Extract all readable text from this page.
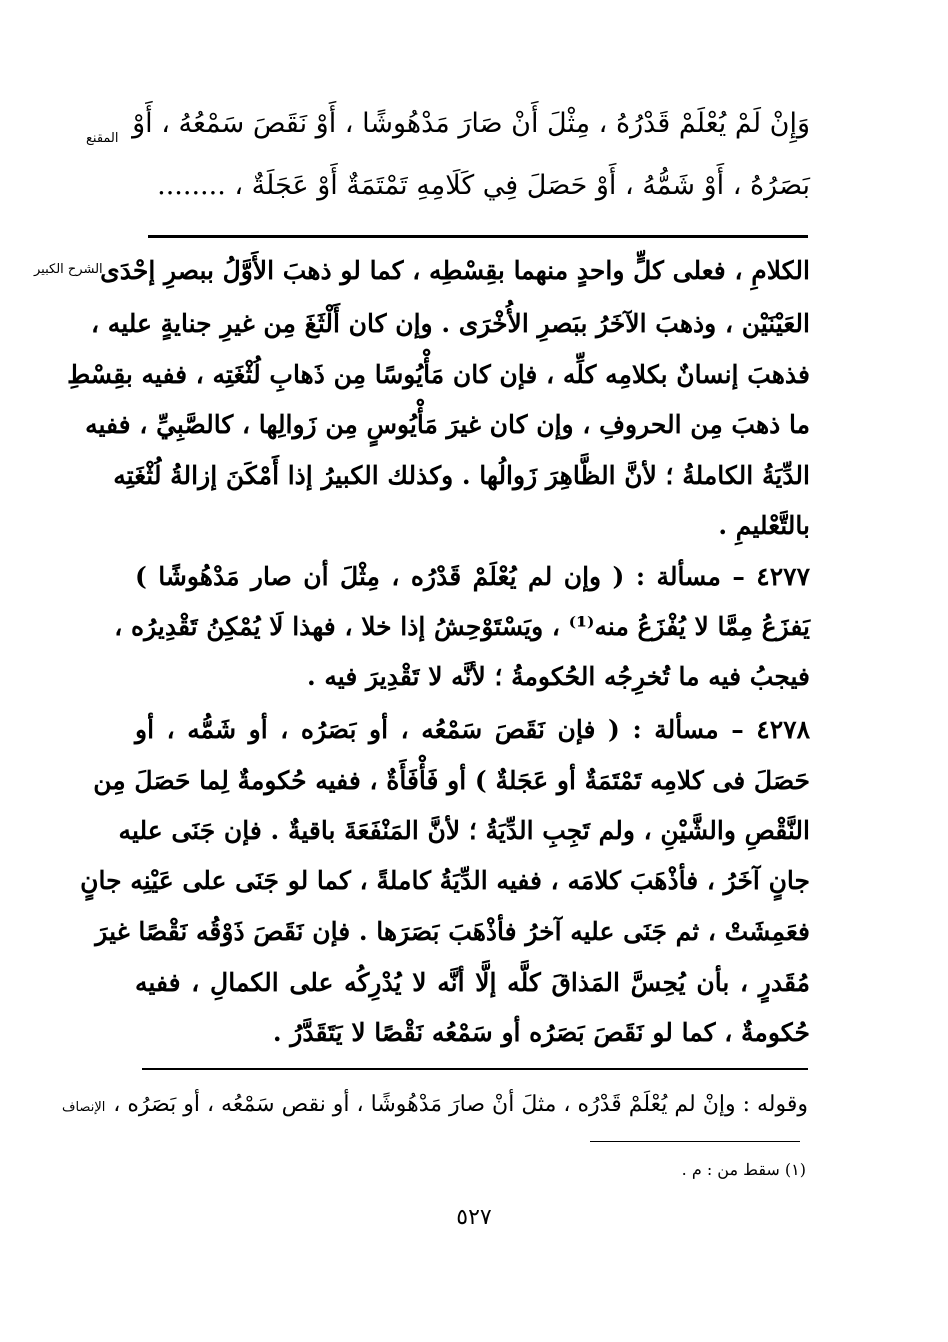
المقنع
الشرح الكبير
الإنصاف
وَإِنْ لَمْ يُعْلَمْ قَدْرُهُ ، مِثْلَ أَنْ صَارَ مَدْهُوشًا ، أَوْ نَقَصَ سَمْعُهُ ، أَوْ
بَصَرُهُ ، أَوْ شَمُّهُ ، أَوْ حَصَلَ فِي كَلَامِهِ تَمْتَمَةٌ أَوْ عَجَلَةٌ ، ........
الكلامِ ، فعلى كلٍّ واحدٍ منهما بقِسْطِه ، كما لو ذهبَ الأَوَّلُ ببصرِ إحْدَى
العَيْنَيْن ، وذهبَ الآخَرُ ببَصرِ الأُخْرَى . وإن كان أَلْثَغَ مِن غيرِ جنايةٍ عليه ،
فذهبَ إنسانٌ بكلامِه كلِّه ، فإن كان مَأْيُوسًا مِن ذَهابِ لُثْغَتِه ، ففيه بقِسْطِ
ما ذهبَ مِن الحروفِ ، وإن كان غيرَ مَأْيُوسٍ مِن زَوالِها ، كالصَّبِيِّ ، ففيه
الدِّيَةُ الكاملةُ ؛ لأنَّ الظَّاهِرَ زَوالُها . وكذلك الكبيرُ إذا أَمْكَنَ إزالةُ لُثْغَتِه
بالتَّعْليمِ .
٤٢٧٧ – مسألة : ( وإن لم يُعْلَمْ قَدْرُه ، مِثْلَ أن صار مَدْهُوشًا )
يَفزَعُ مِمَّا لا يُفْزَعُ منه⁽¹⁾ ، ويَسْتَوْحِشُ إذا خلا ، فهذا لَا يُمْكِنُ تَقْدِيرُه ،
فيجبُ فيه ما تُخرِجُه الحُكومةُ ؛ لأنَّه لا تَقْدِيرَ فيه .
٤٢٧٨ – مسألة : ( فإن نَقَصَ سَمْعُه ، أو بَصَرُه ، أو شَمُّه ، أو
حَصَلَ فى كلامِه تَمْتَمَةٌ أو عَجَلةٌ ) أو فَأْفَأَةٌ ، ففيه حُكومةٌ لِما حَصَلَ مِن
النَّقْصِ والشَّيْنِ ، ولم تَجِبِ الدِّيَةُ ؛ لأنَّ المَنْفَعَةَ باقيةٌ . فإن جَنَى عليه
جانٍ آخَرُ ، فأذْهَبَ كلامَه ، ففيه الدِّيَةُ كاملةً ، كما لو جَنَى على عَيْنِه جانٍ
فعَمِشَتْ ، ثم جَنَى عليه آخرُ فأذْهَبَ بَصَرَها . فإن نَقَصَ ذَوْقُه نَقْصًا غيرَ
مُقَدرٍ ، بأن يُحِسَّ المَذاقَ كلَّه إلَّا أنَّه لا يُدْرِكُه على الكمالِ ، ففيه
حُكومةٌ ، كما لو نَقَصَ بَصَرُه أو سَمْعُه نَقْصًا لا يَتَقَدَّرُ .
وقوله : وإنْ لم يُعْلَمْ قَدْرُه ، مثلَ أنْ صارَ مَدْهُوشًا ، أو نقص سَمْعُه ، أو بَصَرُه ،
(١) سقط من : م .
٥٢٧
